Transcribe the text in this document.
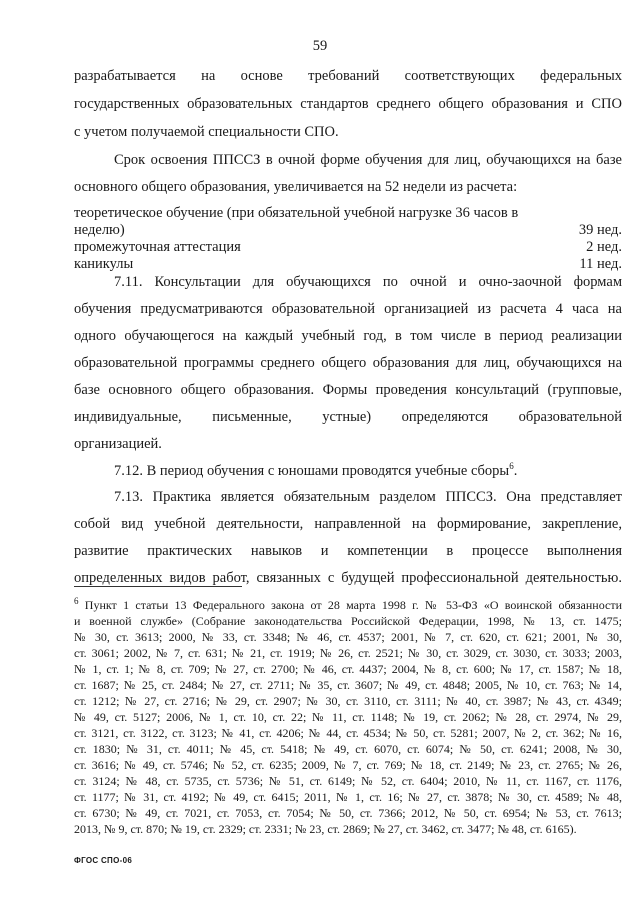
59
разрабатывается на основе требований соответствующих федеральных
государственных образовательных стандартов среднего общего образования и СПО
с учетом получаемой специальности СПО.
Срок освоения ППССЗ в очной форме обучения для лиц, обучающихся на базе
основного общего образования, увеличивается на 52 недели из расчета:
теоретическое обучение (при обязательной учебной нагрузке 36 часов в
неделю)	39 нед.
промежуточная аттестация	2 нед.
каникулы	11 нед.
7.11. Консультации для обучающихся по очной и очно-заочной формам
обучения предусматриваются образовательной организацией из расчета 4 часа на
одного обучающегося на каждый учебный год, в том числе в период реализации
образовательной программы среднего общего образования для лиц, обучающихся на
базе основного общего образования. Формы проведения консультаций (групповые,
индивидуальные, письменные, устные) определяются образовательной
организацией.
7.12. В период обучения с юношами проводятся учебные сборы$^6$.
7.13. Практика является обязательным разделом ППССЗ. Она представляет
собой вид учебной деятельности, направленной на формирование, закрепление,
развитие практических навыков и компетенции в процессе выполнения
определенных видов работ, связанных с будущей профессиональной деятельностью.
$^6$ Пункт 1 статьи 13 Федерального закона от 28 марта 1998 г. № 53-ФЗ «О воинской обязанности
и военной службе» (Собрание законодательства Российской Федерации, 1998, № 13, ст. 1475;
№ 30, ст. 3613; 2000, № 33, ст. 3348; № 46, ст. 4537; 2001, № 7, ст. 620, ст. 621; 2001, № 30,
ст. 3061; 2002, № 7, ст. 631; № 21, ст. 1919; № 26, ст. 2521; № 30, ст. 3029, ст. 3030, ст. 3033; 2003,
№ 1, ст. 1; № 8, ст. 709; № 27, ст. 2700; № 46, ст. 4437; 2004, № 8, ст. 600; № 17, ст. 1587; № 18,
ст. 1687; № 25, ст. 2484; № 27, ст. 2711; № 35, ст. 3607; № 49, ст. 4848; 2005, № 10, ст. 763; № 14,
ст. 1212; № 27, ст. 2716; № 29, ст. 2907; № 30, ст. 3110, ст. 3111; № 40, ст. 3987; № 43, ст. 4349;
№ 49, ст. 5127; 2006, № 1, ст. 10, ст. 22; № 11, ст. 1148; № 19, ст. 2062; № 28, ст. 2974, № 29,
ст. 3121, ст. 3122, ст. 3123; № 41, ст. 4206; № 44, ст. 4534; № 50, ст. 5281; 2007, № 2, ст. 362; № 16,
ст. 1830; № 31, ст. 4011; № 45, ст. 5418; № 49, ст. 6070, ст. 6074; № 50, ст. 6241; 2008, № 30,
ст. 3616; № 49, ст. 5746; № 52, ст. 6235; 2009, № 7, ст. 769; № 18, ст. 2149; № 23, ст. 2765; № 26,
ст. 3124; № 48, ст. 5735, ст. 5736; № 51, ст. 6149; № 52, ст. 6404; 2010, № 11, ст. 1167, ст. 1176,
ст. 1177; № 31, ст. 4192; № 49, ст. 6415; 2011, № 1, ст. 16; № 27, ст. 3878; № 30, ст. 4589; № 48,
ст. 6730; № 49, ст. 7021, ст. 7053, ст. 7054; № 50, ст. 7366; 2012, № 50, ст. 6954; № 53, ст. 7613;
2013, № 9, ст. 870; № 19, ст. 2329; ст. 2331; № 23, ст. 2869; № 27, ст. 3462, ст. 3477; № 48, ст. 6165).
ФГОС СПО-06
